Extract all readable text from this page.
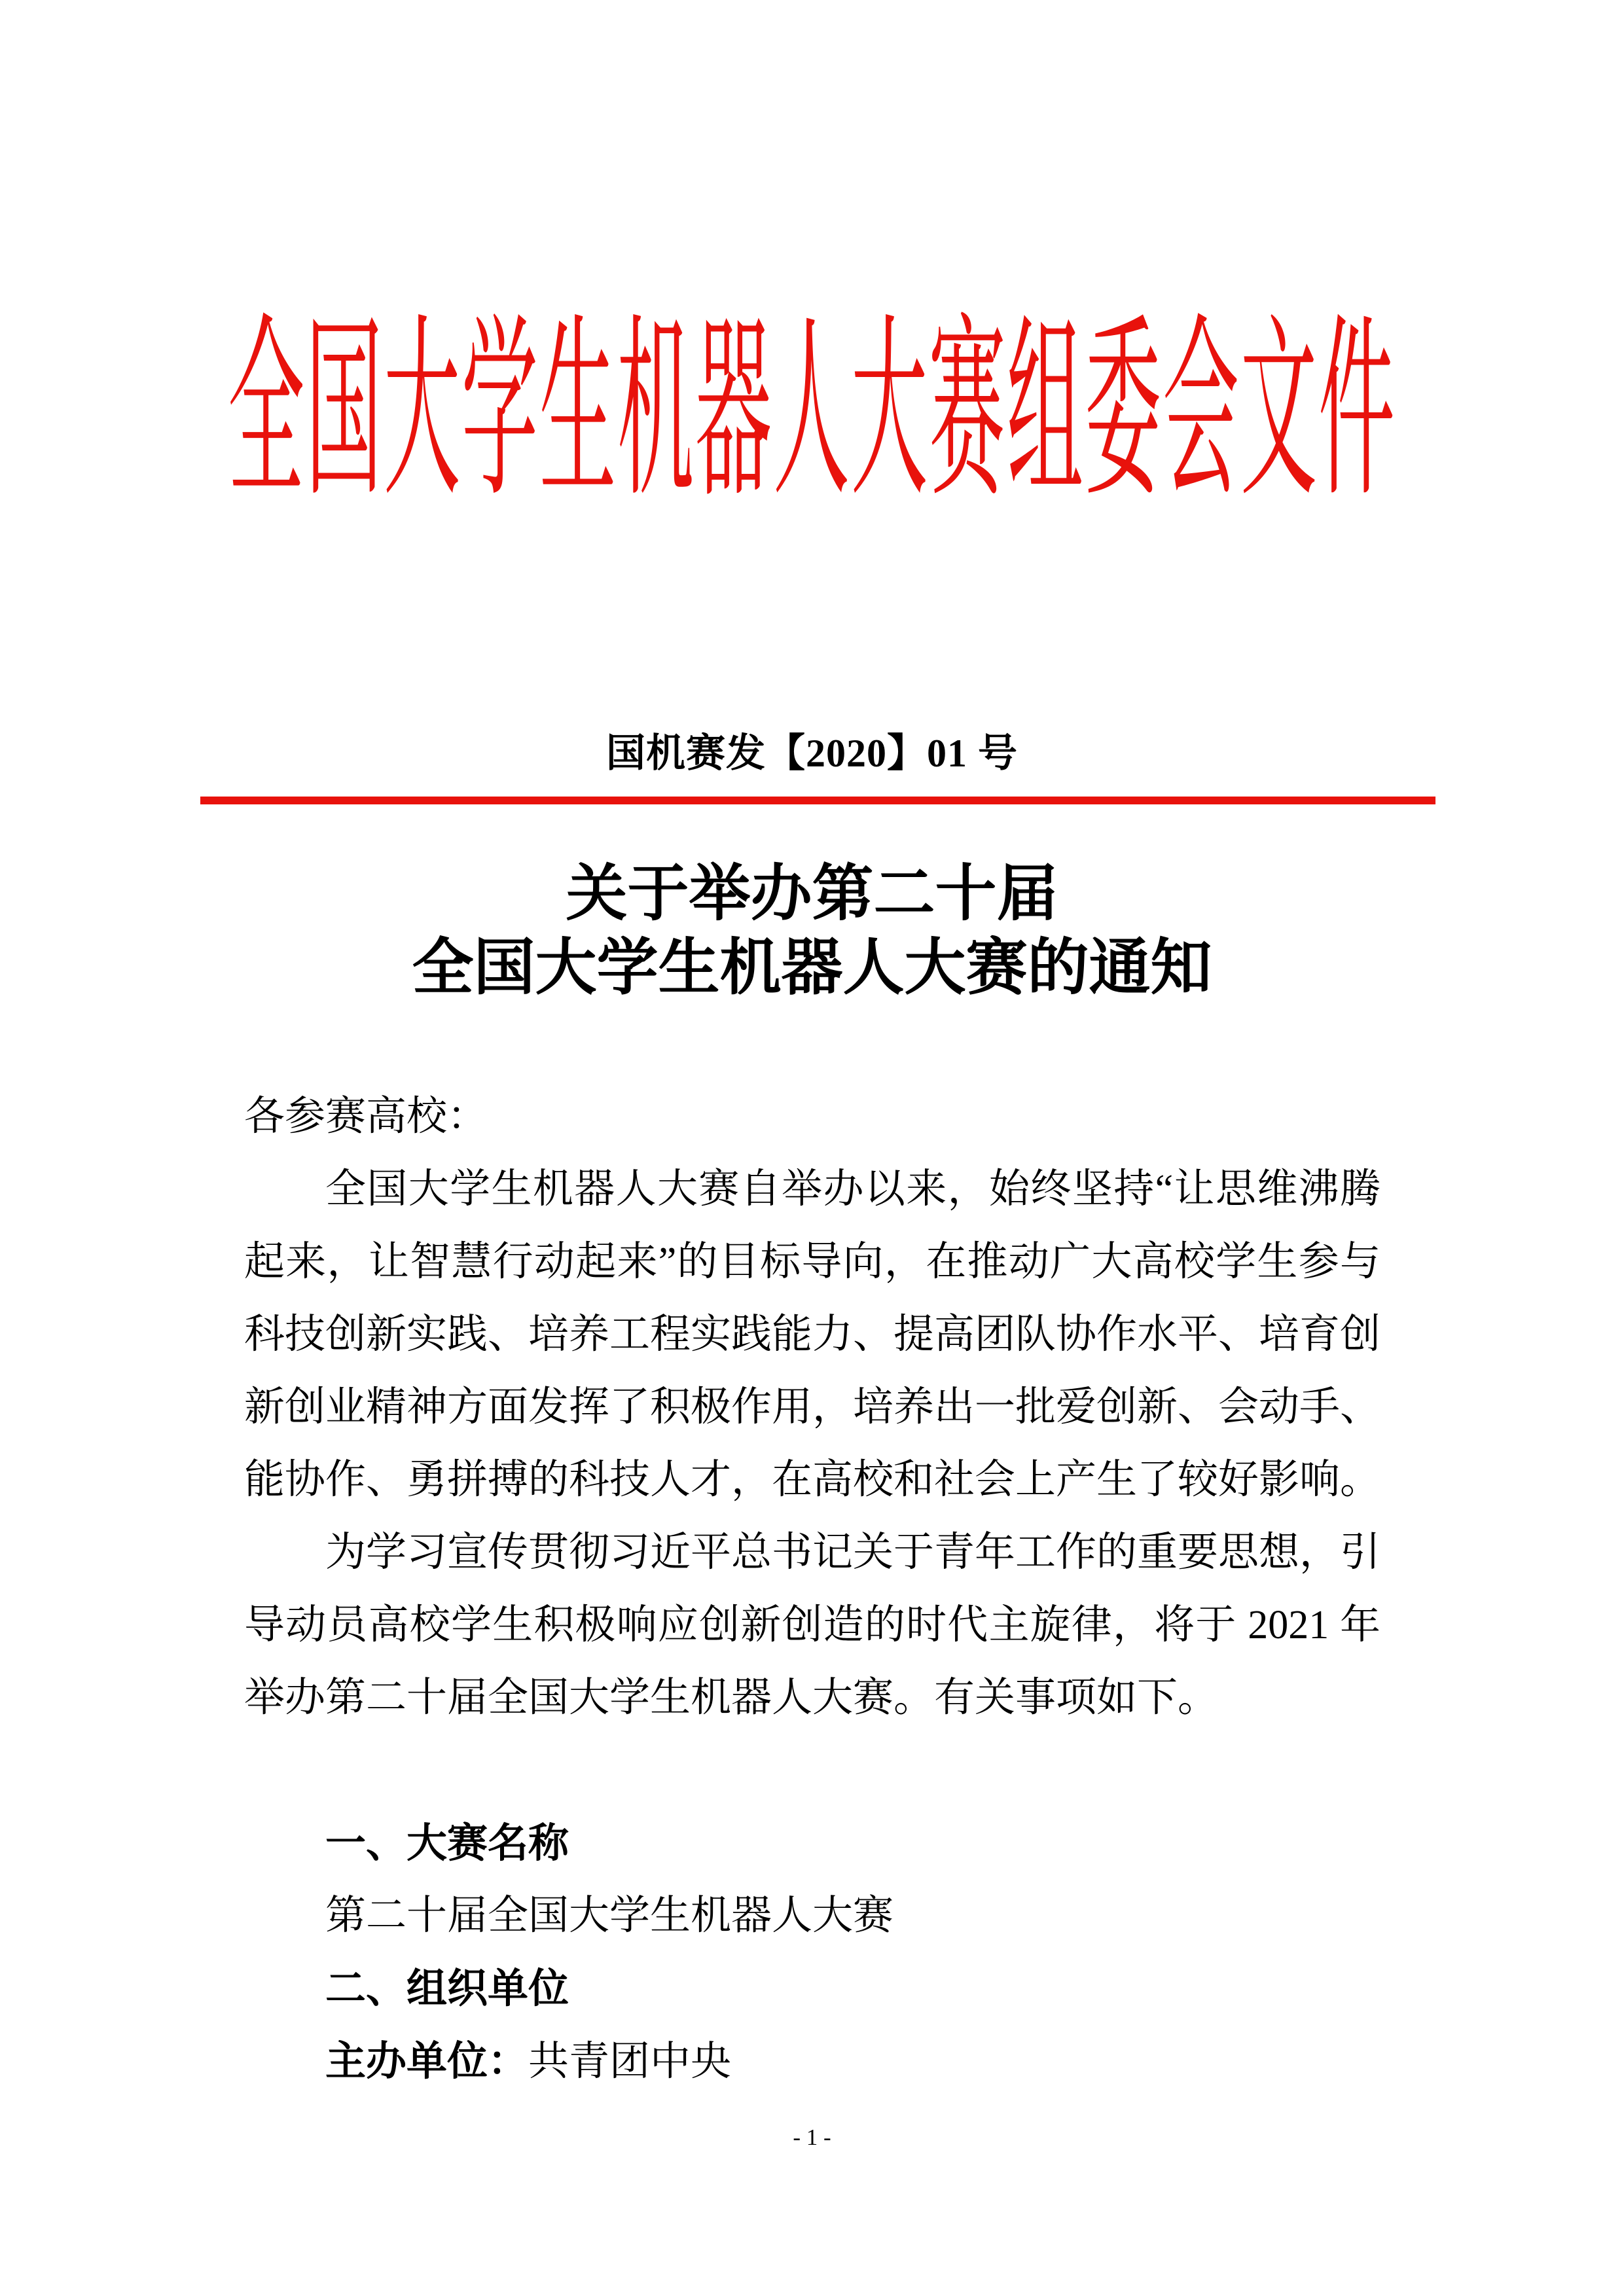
全国大学生机器人大赛组委会文件
国机赛发【2020】01 号
关于举办第二十届
全国大学生机器人大赛的通知
各参赛高校：
全国大学生机器人大赛自举办以来，始终坚持“让思维沸腾
起来，让智慧行动起来”的目标导向，在推动广大高校学生参与
科技创新实践、培养工程实践能力、提高团队协作水平、培育创
新创业精神方面发挥了积极作用，培养出一批爱创新、会动手、
能协作、勇拼搏的科技人才，在高校和社会上产生了较好影响。
为学习宣传贯彻习近平总书记关于青年工作的重要思想，引
导动员高校学生积极响应创新创造的时代主旋律，将于 2021 年
举办第二十届全国大学生机器人大赛。有关事项如下。
一、大赛名称
第二十届全国大学生机器人大赛
二、组织单位
主办单位：共青团中央
- 1 -
